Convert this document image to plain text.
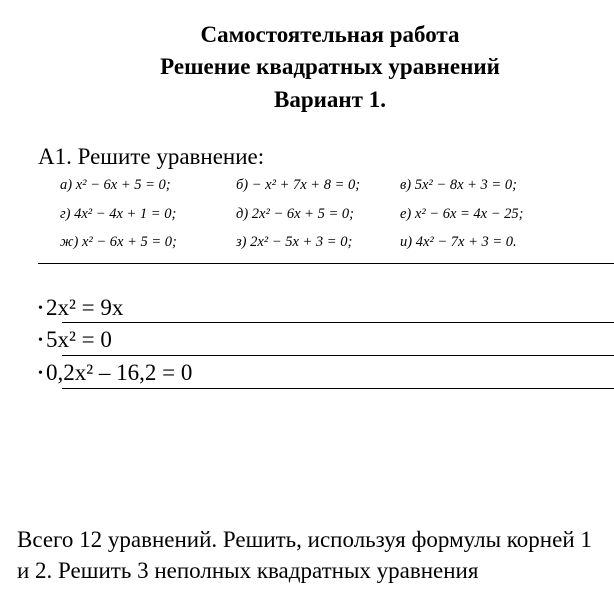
Самостоятельная работа
Решение квадратных уравнений
Вариант 1.
А1. Решите уравнение:
а) x² − 6x + 5 = 0;	б) − x² + 7x + 8 = 0;	в) 5x² − 8x + 3 = 0;
г) 4x² − 4x + 1 = 0;	д) 2x² − 6x + 5 = 0;	е) x² − 6x = 4x − 25;
ж) x² − 6x + 5 = 0;	з) 2x² − 5x + 3 = 0;	и) 4x² − 7x + 3 = 0.
• 2x² = 9x
• 5x² = 0
• 0,2x² – 16,2 = 0
Всего 12 уравнений. Решить, используя формулы корней 1 и 2. Решить 3 неполных квадратных уравнения
